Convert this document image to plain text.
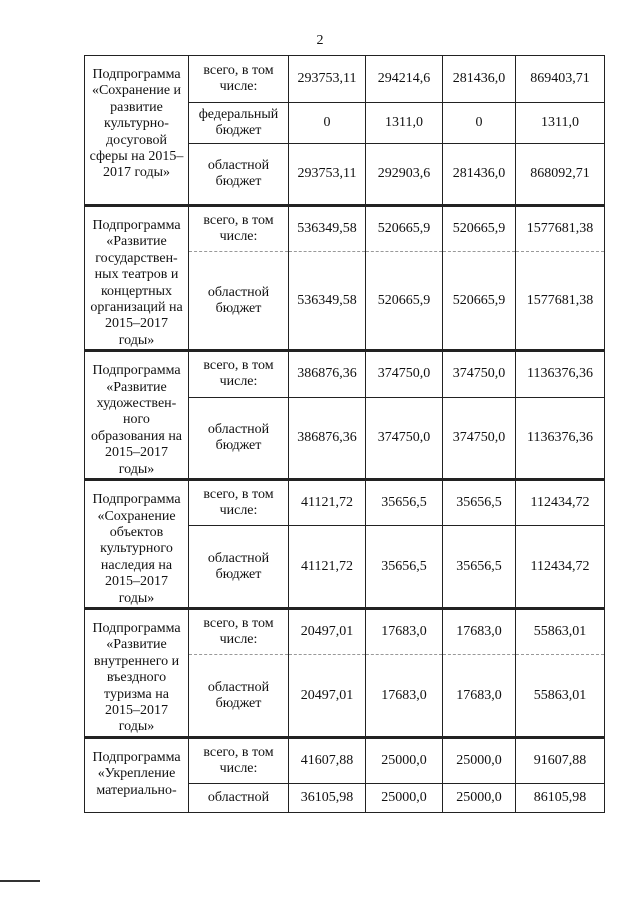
2
Подпрограмма «Сохранение и развитие культурно-досуговой сферы на 2015–2017 годы»	всего, в том числе:	293753,11	294214,6	281436,0	869403,71
	федеральный бюджет	0	1311,0	0	1311,0
	областной бюджет	293753,11	292903,6	281436,0	868092,71
Подпрограмма «Развитие государствен-ных театров и концертных организаций на 2015–2017 годы»	всего, в том числе:	536349,58	520665,9	520665,9	1577681,38
	областной бюджет	536349,58	520665,9	520665,9	1577681,38
Подпрограмма «Развитие художествен-ного образования на 2015–2017 годы»	всего, в том числе:	386876,36	374750,0	374750,0	1136376,36
	областной бюджет	386876,36	374750,0	374750,0	1136376,36
Подпрограмма «Сохранение объектов культурного наследия на 2015–2017 годы»	всего, в том числе:	41121,72	35656,5	35656,5	112434,72
	областной бюджет	41121,72	35656,5	35656,5	112434,72
Подпрограмма «Развитие внутреннего и въездного туризма на 2015–2017 годы»	всего, в том числе:	20497,01	17683,0	17683,0	55863,01
	областной бюджет	20497,01	17683,0	17683,0	55863,01
Подпрограмма «Укрепление материально-	всего, в том числе:	41607,88	25000,0	25000,0	91607,88
	областной	36105,98	25000,0	25000,0	86105,98
